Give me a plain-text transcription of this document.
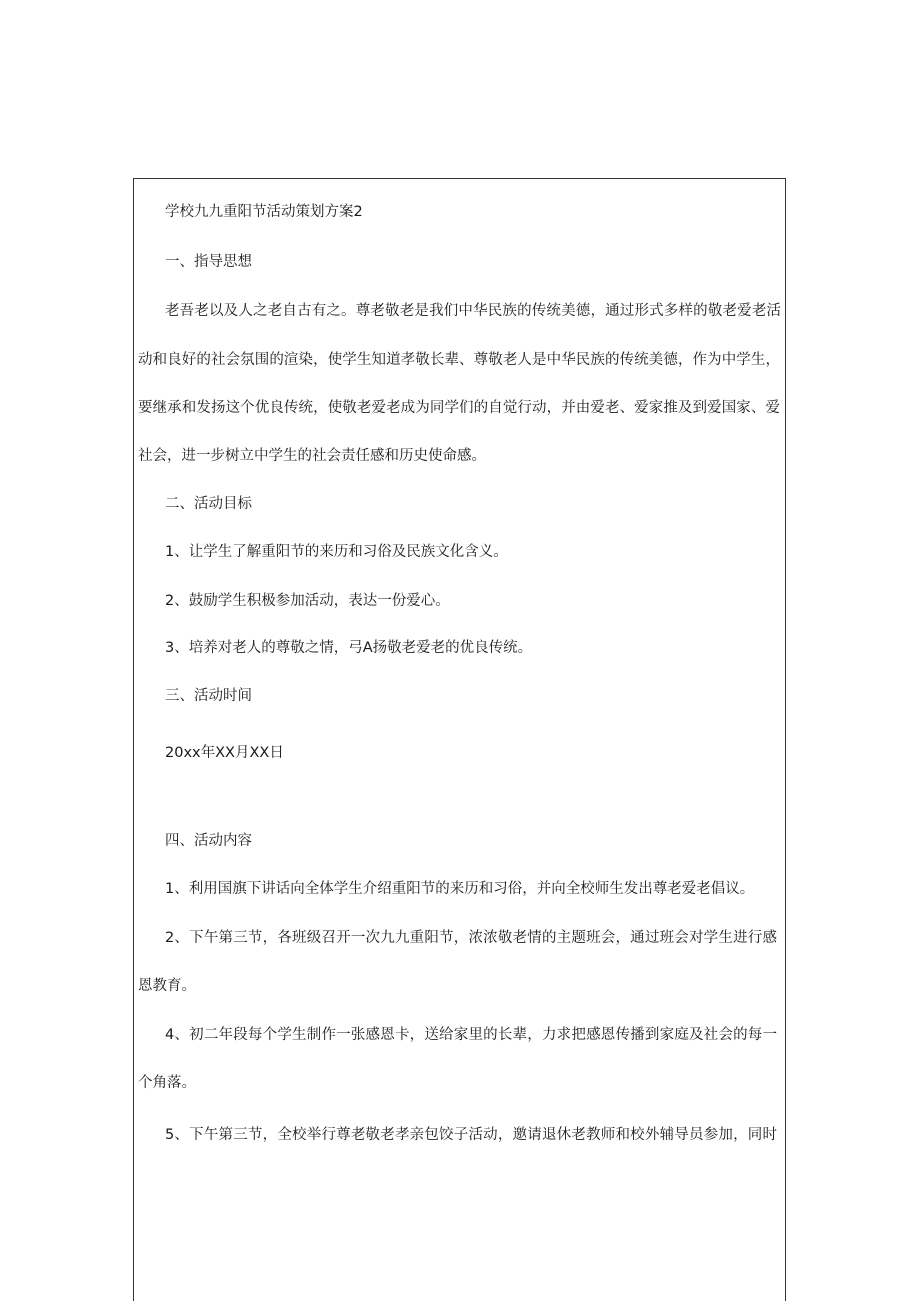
学校九九重阳节活动策划方案2
一、指导思想
老吾老以及人之老自古有之。尊老敬老是我们中华民族的传统美德，通过形式多样的敬老爱老活
动和良好的社会氛围的渲染，使学生知道孝敬长辈、尊敬老人是中华民族的传统美德，作为中学生，
要继承和发扬这个优良传统，使敬老爱老成为同学们的自觉行动，并由爱老、爱家推及到爱国家、爱
社会，进一步树立中学生的社会责任感和历史使命感。
二、活动目标
1、让学生了解重阳节的来历和习俗及民族文化含义。
2、鼓励学生积极参加活动，表达一份爱心。
3、培养对老人的尊敬之情，弓A扬敬老爱老的优良传统。
三、活动时间
20xx年XX月XX日
四、活动内容
1、利用国旗下讲话向全体学生介绍重阳节的来历和习俗，并向全校师生发出尊老爱老倡议。
2、下午第三节，各班级召开一次九九重阳节，浓浓敬老情的主题班会，通过班会对学生进行感
恩教育。
4、初二年段每个学生制作一张感恩卡，送给家里的长辈，力求把感恩传播到家庭及社会的每一
个角落。
5、下午第三节，全校举行尊老敬老孝亲包饺子活动，邀请退休老教师和校外辅导员参加，同时
